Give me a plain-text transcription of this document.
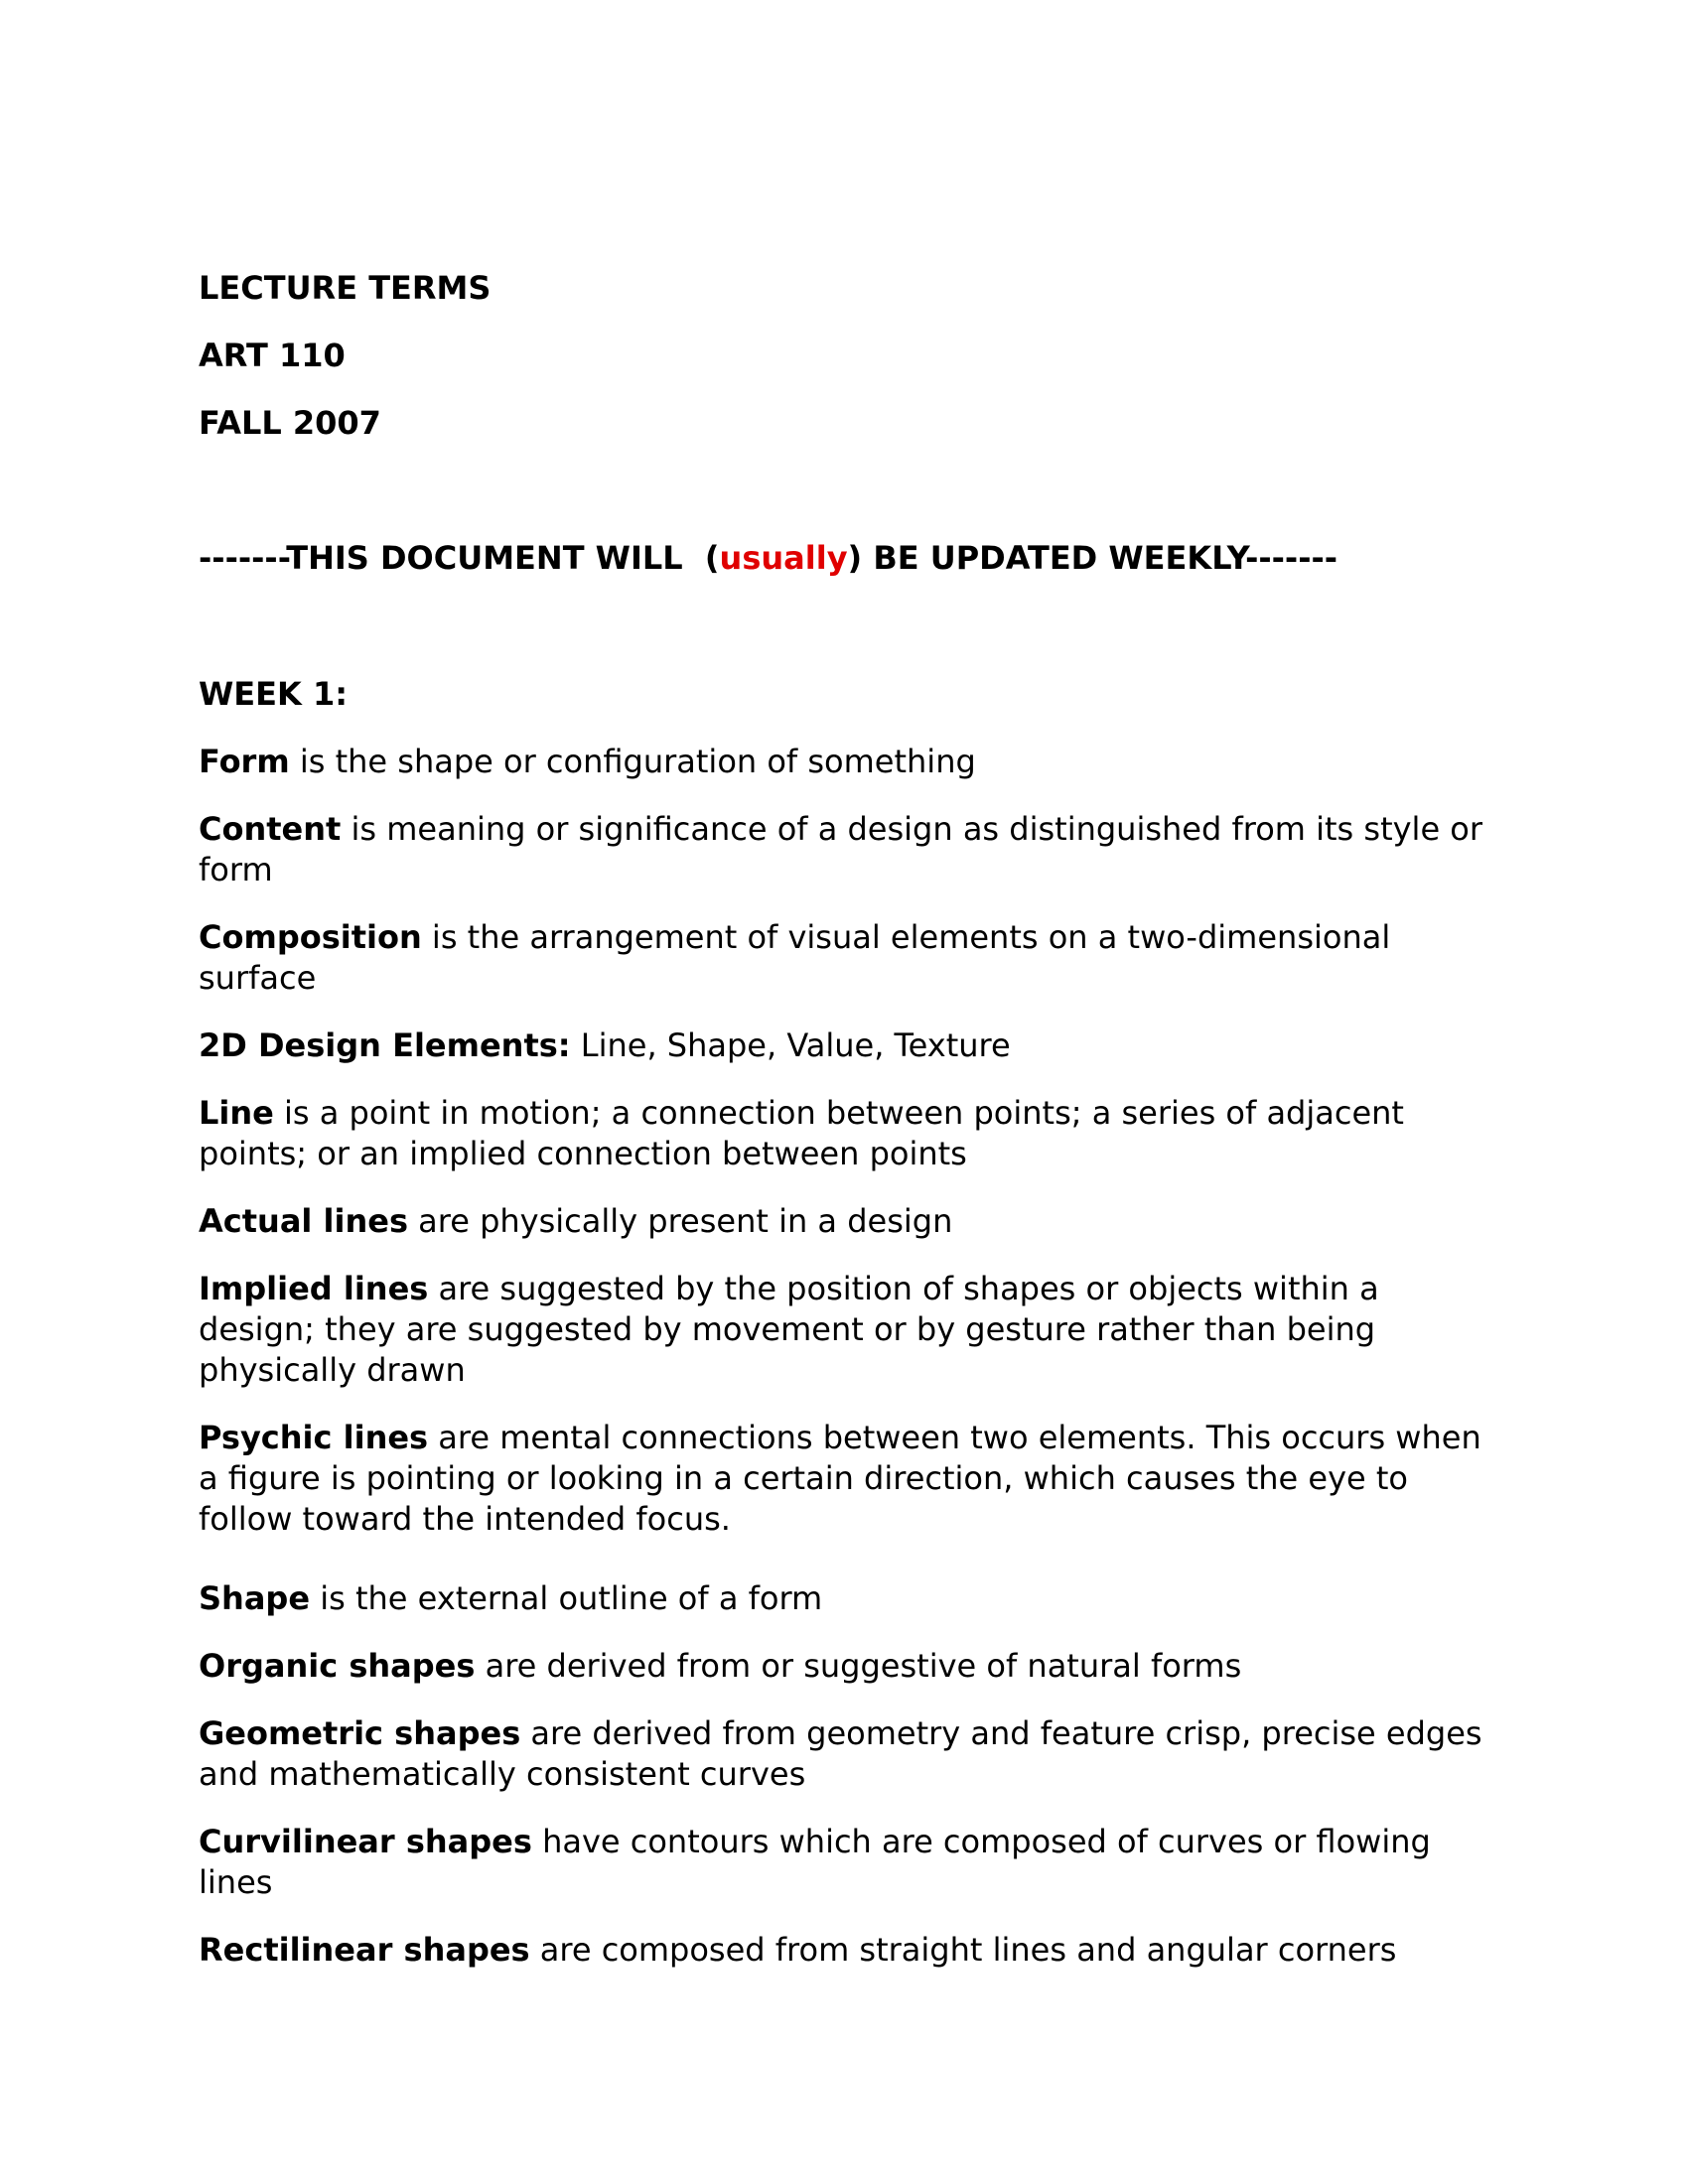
LECTURE TERMS
ART 110
FALL 2007
-------THIS DOCUMENT WILL  (usually) BE UPDATED WEEKLY-------
WEEK 1:
Form is the shape or configuration of something
Content is meaning or significance of a design as distinguished from its style or form
Composition is the arrangement of visual elements on a two-dimensional surface
2D Design Elements: Line, Shape, Value, Texture
Line is a point in motion; a connection between points; a series of adjacent points; or an implied connection between points
Actual lines are physically present in a design
Implied lines are suggested by the position of shapes or objects within a design; they are suggested by movement or by gesture rather than being physically drawn
Psychic lines are mental connections between two elements. This occurs when a figure is pointing or looking in a certain direction, which causes the eye to follow toward the intended focus.
Shape is the external outline of a form
Organic shapes are derived from or suggestive of natural forms
Geometric shapes are derived from geometry and feature crisp, precise edges and mathematically consistent curves
Curvilinear shapes have contours which are composed of curves or flowing lines
Rectilinear shapes are composed from straight lines and angular corners
